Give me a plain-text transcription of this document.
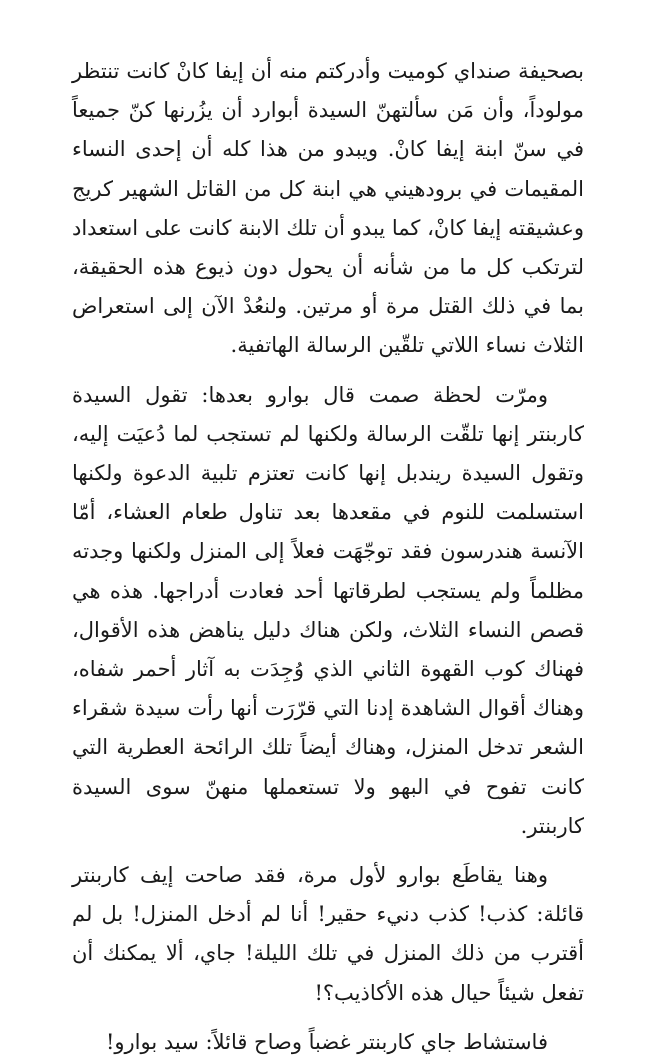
بصحيفة صنداي كوميت وأدركتم منه أن إيفا كانْ كانت تنتظر مولوداً، وأن مَن سألتهنّ السيدة أبوارد أن يزُرنها كنّ جميعاً في سنّ ابنة إيفا كانْ. ويبدو من هذا كله أن إحدى النساء المقيمات في برودهيني هي ابنة كل من القاتل الشهير كريج وعشيقته إيفا كانْ، كما يبدو أن تلك الابنة كانت على استعداد لترتكب كل ما من شأنه أن يحول دون ذيوع هذه الحقيقة، بما في ذلك القتل مرة أو مرتين. ولنعُدْ الآن إلى استعراض الثلاث نساء اللاتي تلقّين الرسالة الهاتفية.

ومرّت لحظة صمت قال بوارو بعدها: تقول السيدة كاربنتر إنها تلقّت الرسالة ولكنها لم تستجب لما دُعيَت إليه، وتقول السيدة ريندبل إنها كانت تعتزم تلبية الدعوة ولكنها استسلمت للنوم في مقعدها بعد تناول طعام العشاء، أمّا الآنسة هندرسون فقد توجّهَت فعلاً إلى المنزل ولكنها وجدته مظلماً ولم يستجب لطرقاتها أحد فعادت أدراجها. هذه هي قصص النساء الثلاث، ولكن هناك دليل يناهض هذه الأقوال، فهناك كوب القهوة الثاني الذي وُجِدَت به آثار أحمر شفاه، وهناك أقوال الشاهدة إدنا التي قرّرَت أنها رأت سيدة شقراء الشعر تدخل المنزل، وهناك أيضاً تلك الرائحة العطرية التي كانت تفوح في البهو ولا تستعملها منهنّ سوى السيدة كاربنتر.

وهنا يقاطَع بوارو لأول مرة، فقد صاحت إيف كاربنتر قائلة: كذب! كذب دنيء حقير! أنا لم أدخل المنزل! بل لم أقترب من ذلك المنزل في تلك الليلة! جاي، ألا يمكنك أن تفعل شيئاً حيال هذه الأكاذيب؟!

فاستشاط جاي كاربنتر غضباً وصاح قائلاً: سيد بوارو!
